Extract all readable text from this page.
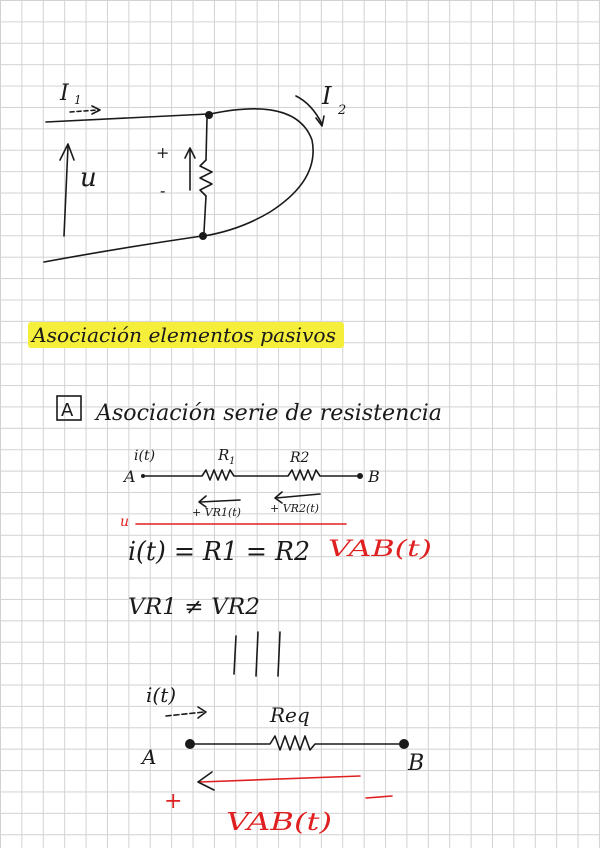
I 1	I
2
+
-
u
Asociación elementos pasivos
A Asociación serie de resistencia
i(t)	R 1	R2
A	B
+ VR1(t)	+ VR2(t)
u
i(t) = R1 = R2 VAB(t)
VR1 ≠ VR2
i(t)
Req
A	B
+
VAB(t)
